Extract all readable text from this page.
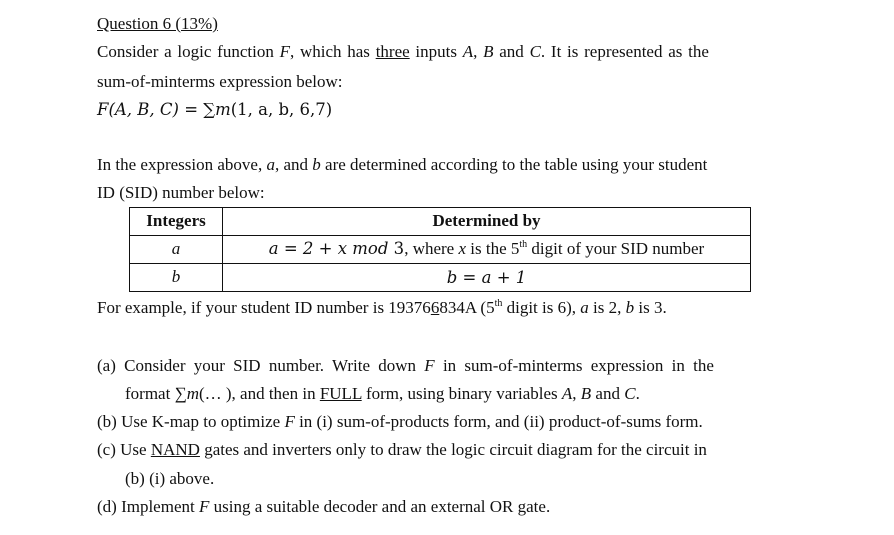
Question 6 (13%)
Consider a logic function F, which has three inputs A, B and C. It is represented as the
sum-of-minterms expression below:
F(A, B, C) = ∑m(1, a, b, 6,7)
In the expression above, a, and b are determined according to the table using your student
ID (SID) number below:
Integers	Determined by
a	a = 2 + x mod 3, where x is the 5th digit of your SID number
b	b = a + 1
For example, if your student ID number is 193766834A (5th digit is 6), a is 2, b is 3.
(a) Consider your SID number. Write down F in sum-of-minterms expression in the
format ∑m(… ), and then in FULL form, using binary variables A, B and C.
(b) Use K-map to optimize F in (i) sum-of-products form, and (ii) product-of-sums form.
(c) Use NAND gates and inverters only to draw the logic circuit diagram for the circuit in
(b) (i) above.
(d) Implement F using a suitable decoder and an external OR gate.
